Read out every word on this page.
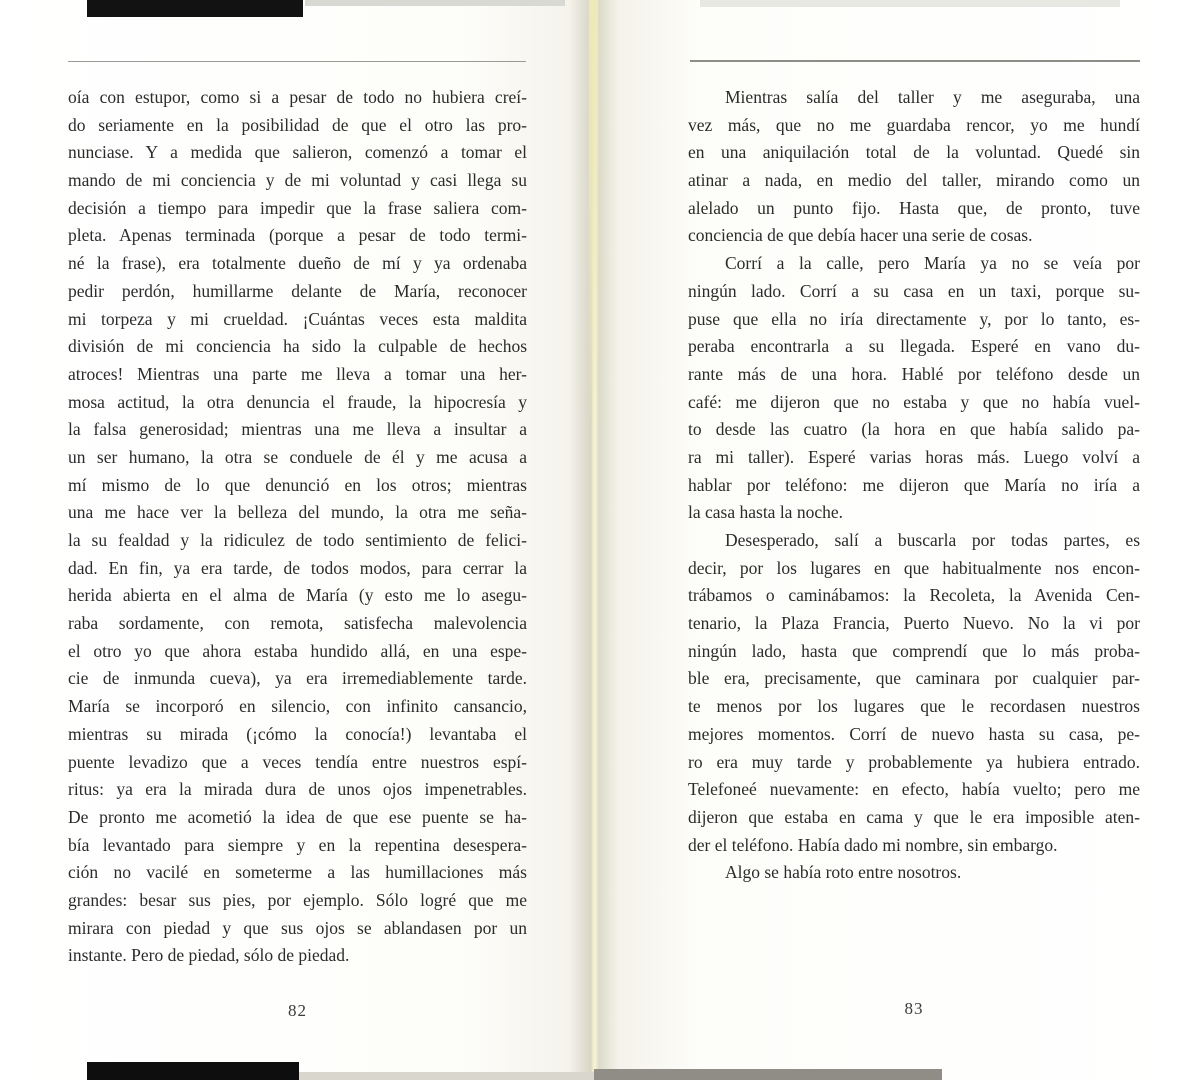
oía con estupor, como si a pesar de todo no hubiera creí-
do seriamente en la posibilidad de que el otro las pro-
nunciase. Y a medida que salieron, comenzó a tomar el
mando de mi conciencia y de mi voluntad y casi llega su
decisión a tiempo para impedir que la frase saliera com-
pleta. Apenas terminada (porque a pesar de todo termi-
né la frase), era totalmente dueño de mí y ya ordenaba
pedir perdón, humillarme delante de María, reconocer
mi torpeza y mi crueldad. ¡Cuántas veces esta maldita
división de mi conciencia ha sido la culpable de hechos
atroces! Mientras una parte me lleva a tomar una her-
mosa actitud, la otra denuncia el fraude, la hipocresía y
la falsa generosidad; mientras una me lleva a insultar a
un ser humano, la otra se conduele de él y me acusa a
mí mismo de lo que denunció en los otros; mientras
una me hace ver la belleza del mundo, la otra me seña-
la su fealdad y la ridiculez de todo sentimiento de felici-
dad. En fin, ya era tarde, de todos modos, para cerrar la
herida abierta en el alma de María (y esto me lo asegu-
raba sordamente, con remota, satisfecha malevolencia
el otro yo que ahora estaba hundido allá, en una espe-
cie de inmunda cueva), ya era irremediablemente tarde.
María se incorporó en silencio, con infinito cansancio,
mientras su mirada (¡cómo la conocía!) levantaba el
puente levadizo que a veces tendía entre nuestros espí-
ritus: ya era la mirada dura de unos ojos impenetrables.
De pronto me acometió la idea de que ese puente se ha-
bía levantado para siempre y en la repentina desespera-
ción no vacilé en someterme a las humillaciones más
grandes: besar sus pies, por ejemplo. Sólo logré que me
mirara con piedad y que sus ojos se ablandasen por un
instante. Pero de piedad, sólo de piedad.
Mientras salía del taller y me aseguraba, una
vez más, que no me guardaba rencor, yo me hundí
en una aniquilación total de la voluntad. Quedé sin
atinar a nada, en medio del taller, mirando como un
alelado un punto fijo. Hasta que, de pronto, tuve
conciencia de que debía hacer una serie de cosas.
Corrí a la calle, pero María ya no se veía por
ningún lado. Corrí a su casa en un taxi, porque su-
puse que ella no iría directamente y, por lo tanto, es-
peraba encontrarla a su llegada. Esperé en vano du-
rante más de una hora. Hablé por teléfono desde un
café: me dijeron que no estaba y que no había vuel-
to desde las cuatro (la hora en que había salido pa-
ra mi taller). Esperé varias horas más. Luego volví a
hablar por teléfono: me dijeron que María no iría a
la casa hasta la noche.
Desesperado, salí a buscarla por todas partes, es
decir, por los lugares en que habitualmente nos encon-
trábamos o caminábamos: la Recoleta, la Avenida Cen-
tenario, la Plaza Francia, Puerto Nuevo. No la vi por
ningún lado, hasta que comprendí que lo más proba-
ble era, precisamente, que caminara por cualquier par-
te menos por los lugares que le recordasen nuestros
mejores momentos. Corrí de nuevo hasta su casa, pe-
ro era muy tarde y probablemente ya hubiera entrado.
Telefoneé nuevamente: en efecto, había vuelto; pero me
dijeron que estaba en cama y que le era imposible aten-
der el teléfono. Había dado mi nombre, sin embargo.
Algo se había roto entre nosotros.
82	83
